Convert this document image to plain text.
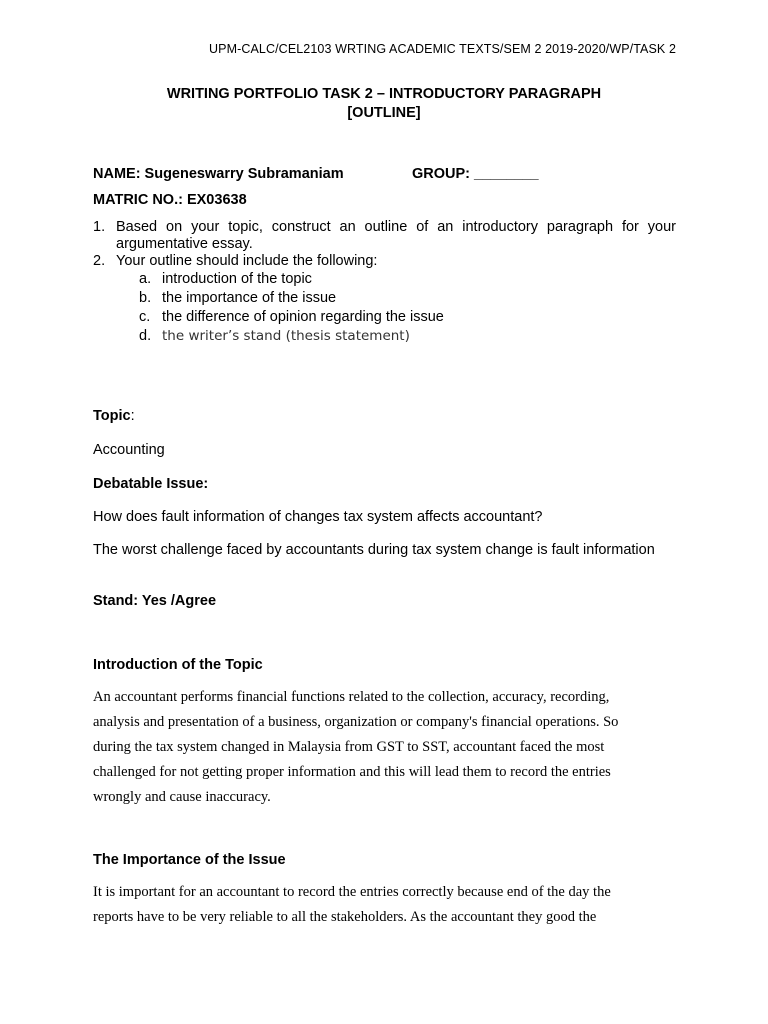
UPM-CALC/CEL2103 WRTING ACADEMIC TEXTS/SEM 2 2019-2020/WP/TASK 2
WRITING PORTFOLIO TASK 2 – INTRODUCTORY PARAGRAPH
[OUTLINE]
NAME: Sugeneswarry Subramaniam	GROUP: ________
MATRIC NO.: EX03638
1. Based on your topic, construct an outline of an introductory paragraph for your argumentative essay.
2. Your outline should include the following:
a. introduction of the topic
b. the importance of the issue
c. the difference of opinion regarding the issue
d. the writer’s stand (thesis statement)
Topic:
Accounting
Debatable Issue:
How does fault information of changes tax system affects accountant?
The worst challenge faced by accountants during tax system change is fault information
Stand: Yes /Agree
Introduction of the Topic
An accountant performs financial functions related to the collection, accuracy, recording,
analysis and presentation of a business, organization or company's financial operations. So
during the tax system changed in Malaysia from GST to SST, accountant faced the most
challenged for not getting proper information and this will lead them to record the entries
wrongly and cause inaccuracy.
The Importance of the Issue
It is important for an accountant to record the entries correctly because end of the day the
reports have to be very reliable to all the stakeholders. As the accountant they good the
